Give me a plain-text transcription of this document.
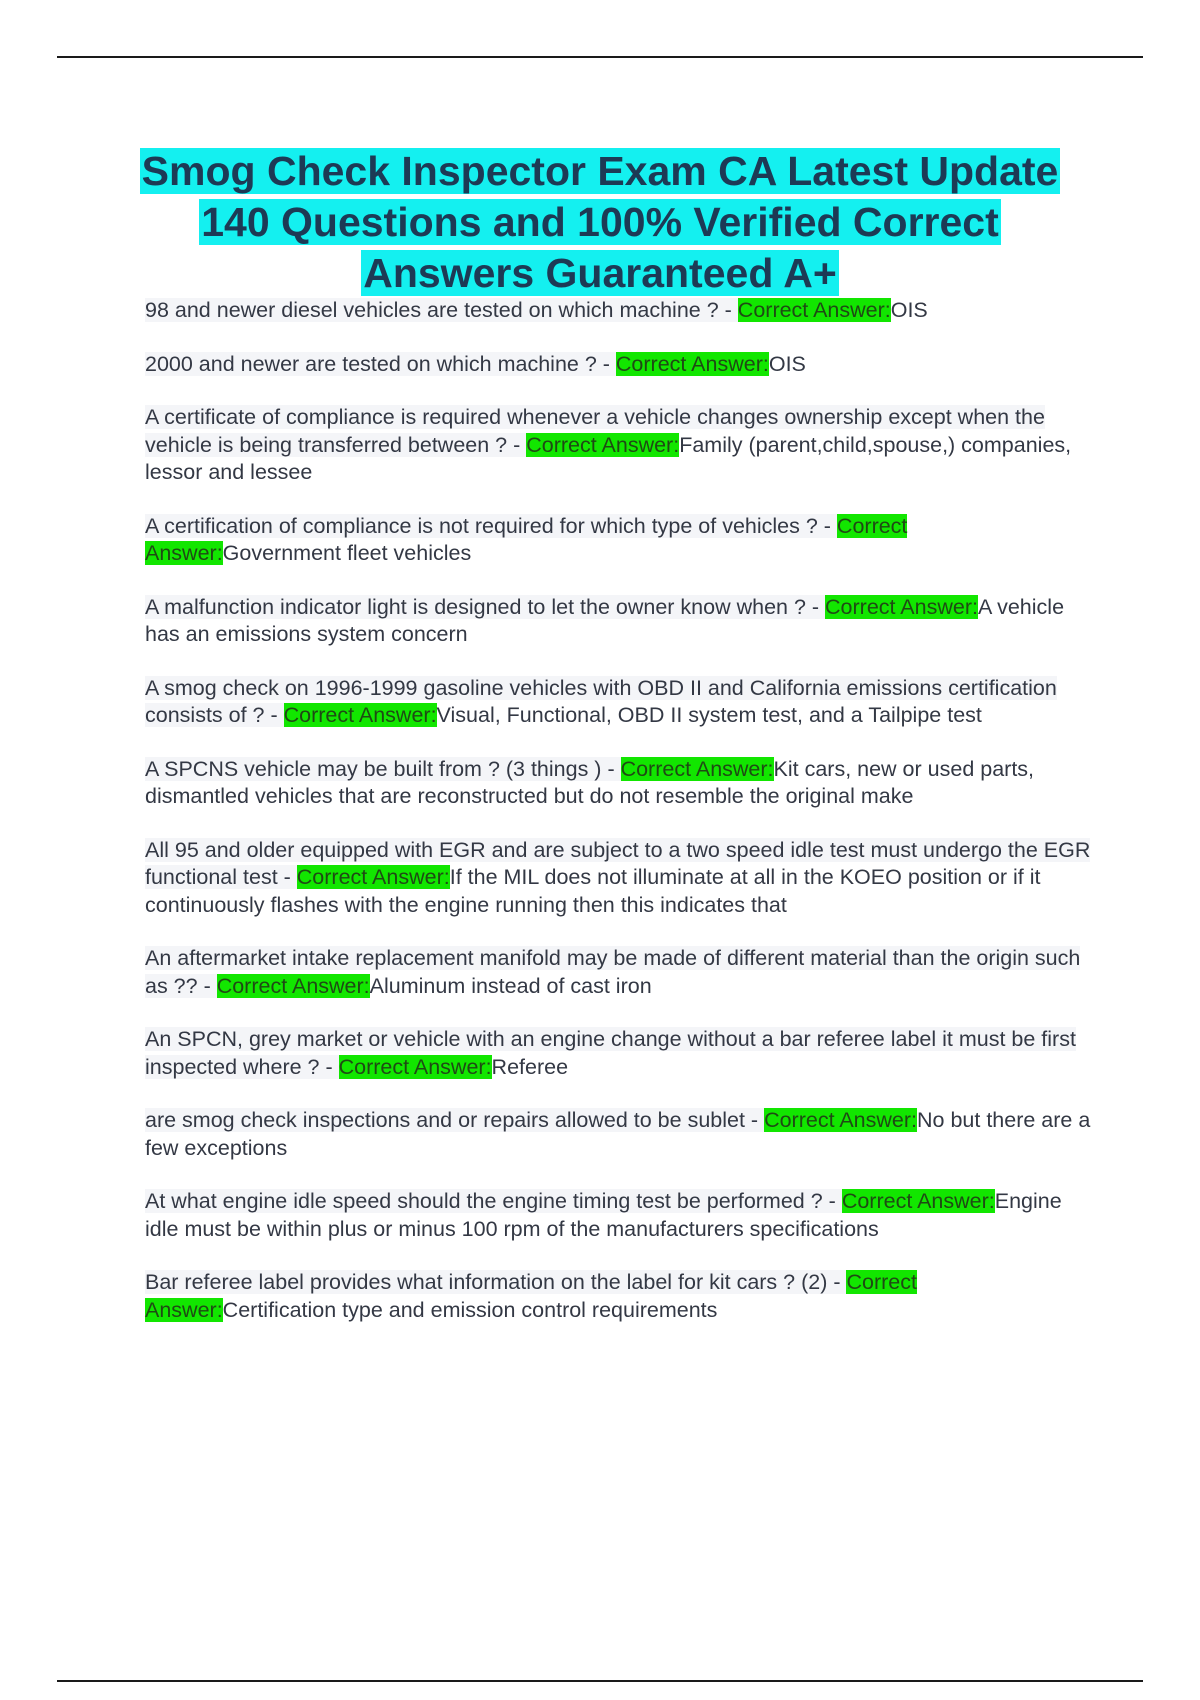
Smog Check Inspector Exam CA Latest Update 140 Questions and 100% Verified Correct Answers Guaranteed A+

98 and newer diesel vehicles are tested on which machine ? - Correct Answer:OIS

2000 and newer are tested on which machine ? - Correct Answer:OIS

A certificate of compliance is required whenever a vehicle changes ownership except when the vehicle is being transferred between ? - Correct Answer:Family (parent,child,spouse,) companies, lessor and lessee

A certification of compliance is not required for which type of vehicles ? - Correct Answer:Government fleet vehicles

A malfunction indicator light is designed to let the owner know when ? - Correct Answer:A vehicle has an emissions system concern

A smog check on 1996-1999 gasoline vehicles with OBD II and California emissions certification consists of ? - Correct Answer:Visual, Functional, OBD II system test, and a Tailpipe test

A SPCNS vehicle may be built from ? (3 things ) - Correct Answer:Kit cars, new or used parts, dismantled vehicles that are reconstructed but do not resemble the original make

All 95 and older equipped with EGR and are subject to a two speed idle test must undergo the EGR functional test - Correct Answer:If the MIL does not illuminate at all in the KOEO position or if it continuously flashes with the engine running then this indicates that

An aftermarket intake replacement manifold may be made of different material than the origin such as ?? - Correct Answer:Aluminum instead of cast iron

An SPCN, grey market or vehicle with an engine change without a bar referee label it must be first inspected where ? - Correct Answer:Referee

are smog check inspections and or repairs allowed to be sublet - Correct Answer:No but there are a few exceptions

At what engine idle speed should the engine timing test be performed ? - Correct Answer:Engine idle must be within plus or minus 100 rpm of the manufacturers specifications

Bar referee label provides what information on the label for kit cars ? (2) - Correct Answer:Certification type and emission control requirements
